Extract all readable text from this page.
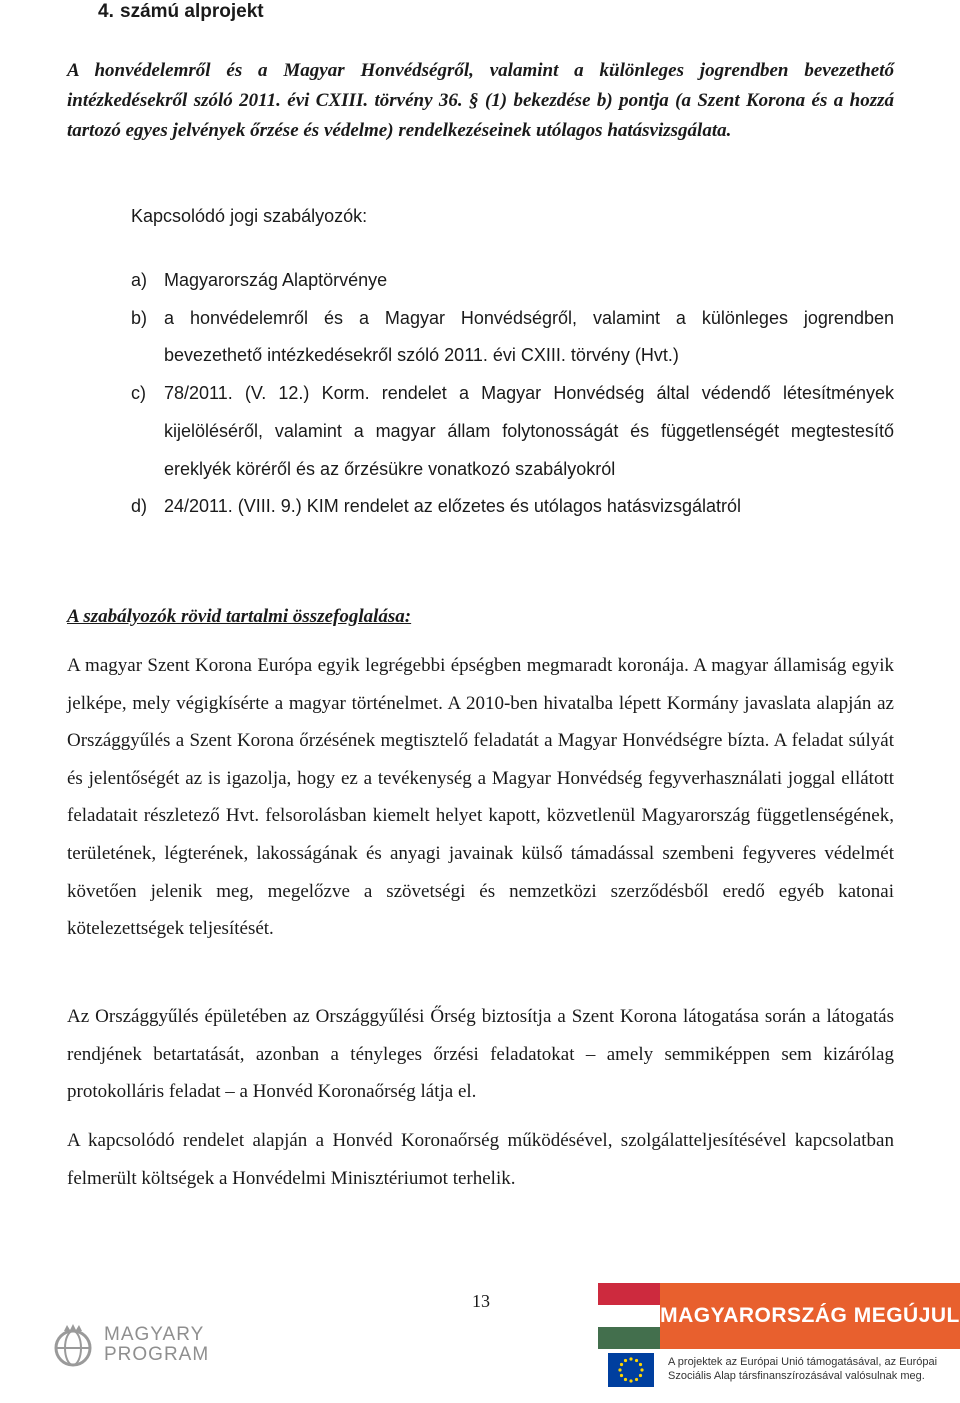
4. számú alprojekt

A honvédelemről és a Magyar Honvédségről, valamint a különleges jogrendben bevezethető intézkedésekről szóló 2011. évi CXIII. törvény 36. § (1) bekezdése b) pontja (a Szent Korona és a hozzá tartozó egyes jelvények őrzése és védelme) rendelkezéseinek utólagos hatásvizsgálata.

Kapcsolódó jogi szabályozók:

a) Magyarország Alaptörvénye
b) a honvédelemről és a Magyar Honvédségről, valamint a különleges jogrendben bevezethető intézkedésekről szóló 2011. évi CXIII. törvény (Hvt.)
c)	78/2011. (V. 12.) Korm. rendelet a Magyar Honvédség által védendő létesítmények kijelöléséről, valamint a magyar állam folytonosságát és függetlenségét megtestesítő ereklyék köréről és az őrzésükre vonatkozó szabályokról
d) 24/2011. (VIII. 9.) KIM rendelet az előzetes és utólagos hatásvizsgálatról

A szabályozók rövid tartalmi összefoglalása:

A magyar Szent Korona Európa egyik legrégebbi épségben megmaradt koronája. A magyar államiság egyik jelképe, mely végigkísérte a magyar történelmet. A 2010-ben hivatalba lépett Kormány javaslata alapján az Országgyűlés a Szent Korona őrzésének megtisztelő feladatát a Magyar Honvédségre bízta. A feladat súlyát és jelentőségét az is igazolja, hogy ez a tevékenység a Magyar Honvédség fegyverhasználati joggal ellátott feladatait részletező Hvt. felsorolásban kiemelt helyet kapott, közvetlenül Magyarország függetlenségének, területének, légterének, lakosságának és anyagi javainak külső támadással szembeni fegyveres védelmét követően jelenik meg, megelőzve a szövetségi és nemzetközi szerződésből eredő egyéb katonai kötelezettségek teljesítését.

Az Országgyűlés épületében az Országgyűlési Őrség biztosítja a Szent Korona látogatása során a látogatás rendjének betartatását, azonban a tényleges őrzési feladatokat – amely semmiképpen sem kizárólag protokolláris feladat – a Honvéd Koronaőrség látja el.

A kapcsolódó rendelet alapján a Honvéd Koronaőrség működésével, szolgálatteljesítésével kapcsolatban felmerült költségek a Honvédelmi Minisztériumot terhelik.

13
MAGYARY
PROGRAM
MAGYARORSZÁG MEGÚJUL
A projektek az Európai Unió támogatásával, az Európai
Szociális Alap társfinanszírozásával valósulnak meg.
